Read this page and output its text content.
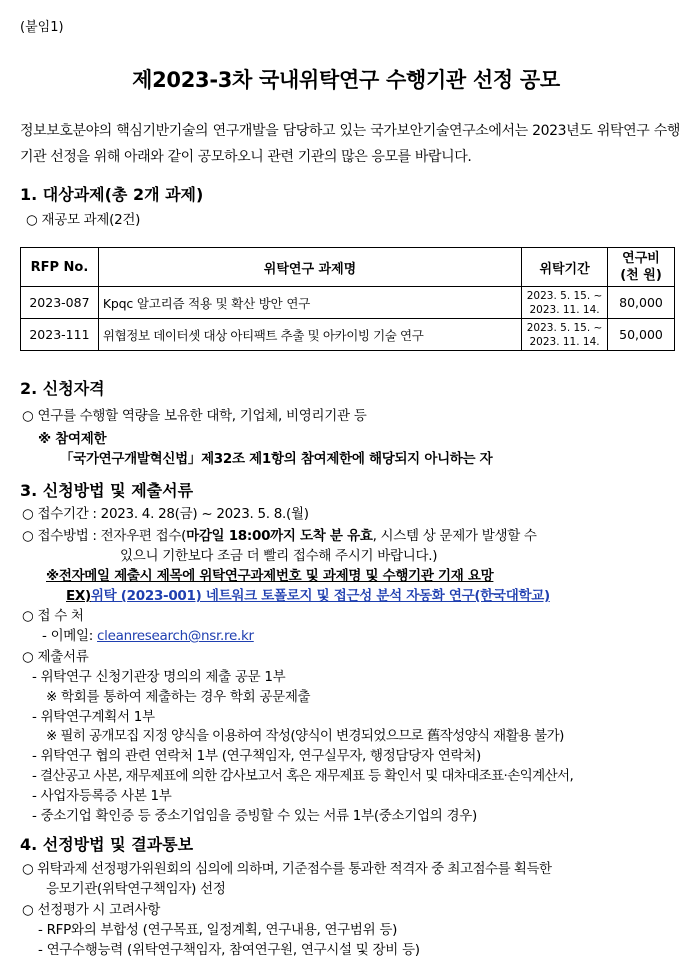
(붙임1)
제2023-3차 국내위탁연구 수행기관 선정 공모
정보보호분야의 핵심기반기술의 연구개발을 담당하고 있는 국가보안기술연구소에서는 2023년도 위탁연구 수행기관 선정을 위해 아래와 같이 공모하오니 관련 기관의 많은 응모를 바랍니다.
1. 대상과제(총 2개 과제)
○ 재공모 과제(2건)
RFP No.	위탁연구 과제명	위탁기간	연구비
(천 원)

2023-087	Kpqc 알고리즘 적용 및 확산 방안 연구	2023. 5. 15. ~
2023. 11. 14.	80,000
2023-111	위협정보 데이터셋 대상 아티팩트 추출 및 아카이빙 기술 연구	2023. 5. 15. ~
2023. 11. 14.	50,000
2. 신청자격
○ 연구를 수행할 역량을 보유한 대학, 기업체, 비영리기관 등
※ 참여제한
「국가연구개발혁신법」제32조 제1항의 참여제한에 해당되지 아니하는 자
3. 신청방법 및 제출서류
○ 접수기간 : 2023. 4. 28(금) ~ 2023. 5. 8.(월)
○ 접수방법 : 전자우편 접수(마감일 18:00까지 도착 분 유효, 시스템 상 문제가 발생할 수
있으니 기한보다 조금 더 빨리 접수해 주시기 바랍니다.)
※전자메일 제출시 제목에 위탁연구과제번호 및 과제명 및 수행기관 기재 요망
EX)위탁 (2023-001) 네트워크 토폴로지 및 접근성 분석 자동화 연구(한국대학교)
○ 접 수 처
- 이메일: cleanresearch@nsr.re.kr
○ 제출서류
- 위탁연구 신청기관장 명의의 제출 공문 1부
※ 학회를 통하여 제출하는 경우 학회 공문제출
- 위탁연구계획서 1부
※ 필히 공개모집 지정 양식을 이용하여 작성(양식이 변경되었으므로 舊작성양식 재활용 불가)
- 위탁연구 협의 관련 연락처 1부 (연구책임자, 연구실무자, 행정담당자 연락처)
- 결산공고 사본, 재무제표에 의한 감사보고서 혹은 재무제표 등 확인서 및 대차대조표·손익계산서,
- 사업자등록증 사본 1부
- 중소기업 확인증 등 중소기업임을 증빙할 수 있는 서류 1부(중소기업의 경우)
4. 선정방법 및 결과통보
○ 위탁과제 선정평가위원회의 심의에 의하며, 기준점수를 통과한 적격자 중 최고점수를 획득한
응모기관(위탁연구책임자) 선정
○ 선정평가 시 고려사항
- RFP와의 부합성 (연구목표, 일정계획, 연구내용, 연구범위 등)
- 연구수행능력 (위탁연구책임자, 참여연구원, 연구시설 및 장비 등)
